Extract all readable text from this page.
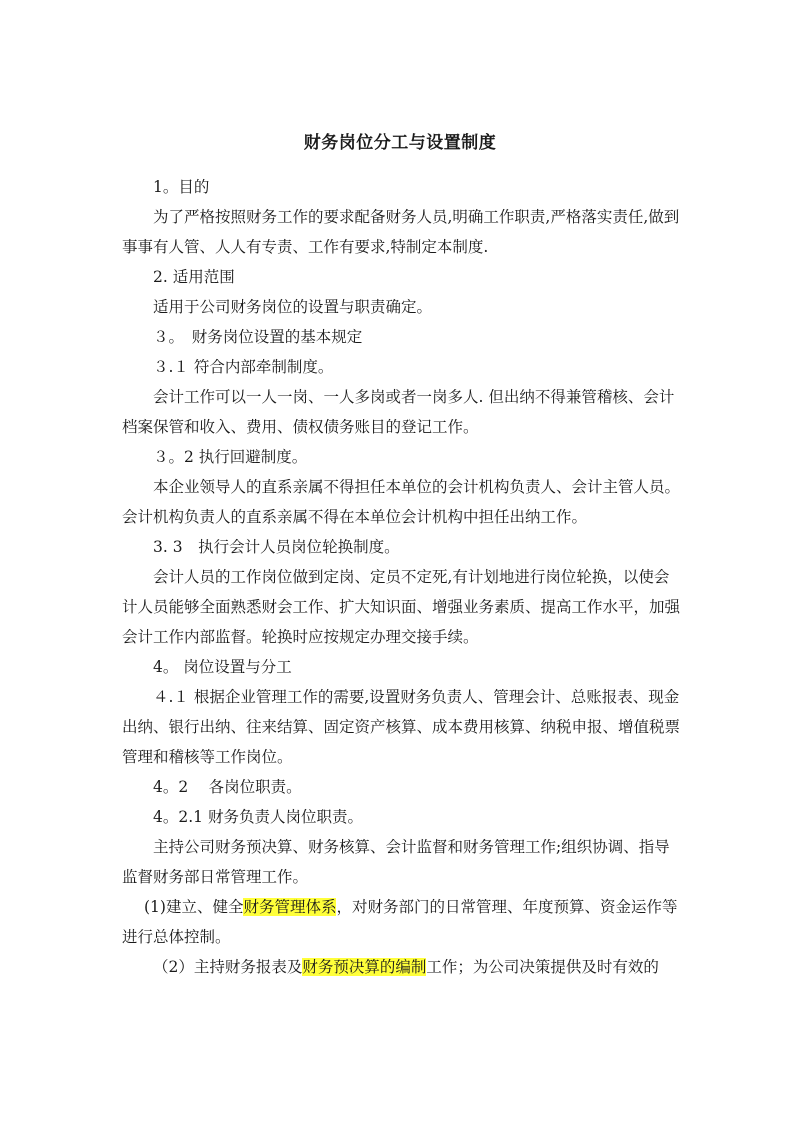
财务岗位分工与设置制度

1。目的

为了严格按照财务工作的要求配备财务人员,明确工作职责,严格落实责任,做到事事有人管、人人有专责、工作有要求,特制定本制度.

2. 适用范围

适用于公司财务岗位的设置与职责确定。

３。　财务岗位设置的基本规定

３.１ 符合内部牵制制度。

会计工作可以一人一岗、一人多岗或者一岗多人. 但出纳不得兼管稽核、会计档案保管和收入、费用、债权债务账目的登记工作。

３。2 执行回避制度。

本企业领导人的直系亲属不得担任本单位的会计机构负责人、会计主管人员。会计机构负责人的直系亲属不得在本单位会计机构中担任出纳工作。

3. 3　执行会计人员岗位轮换制度。

会计人员的工作岗位做到定岗、定员不定死,有计划地进行岗位轮换，以使会计人员能够全面熟悉财会工作、扩大知识面、增强业务素质、提高工作水平，加强会计工作内部监督。轮换时应按规定办理交接手续。

4。 岗位设置与分工

４.１ 根据企业管理工作的需要,设置财务负责人、管理会计、总账报表、现金出纳、银行出纳、往来结算、固定资产核算、成本费用核算、纳税申报、增值税票管理和稽核等工作岗位。

4。2　 各岗位职责。

4。2.1 财务负责人岗位职责。

主持公司财务预决算、财务核算、会计监督和财务管理工作;组织协调、指导监督财务部日常管理工作。

(1)建立、健全财务管理体系，对财务部门的日常管理、年度预算、资金运作等进行总体控制。

（2）主持财务报表及财务预决算的编制工作；为公司决策提供及时有效的
